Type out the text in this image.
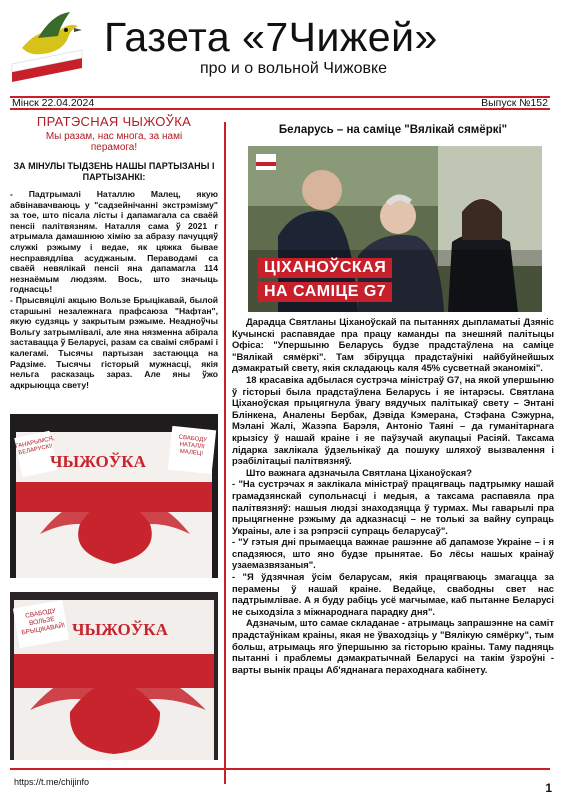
Газета «7Чижей»
про и о вольной Чижовке
Мінск 22.04.2024	Выпуск №152
ПРАТЭСНАЯ ЧЫЖОЎКА
Мы разам, нас многа, за намі перамога!
ЗА МІНУЛЫ ТЫДЗЕНЬ НАШЫ ПАРТЫЗАНЫ І ПАРТЫЗАНКІ:

- Падтрымалі Наталлю Малец, якую абвінавачваюць у "садзейнічанні экстрэмізму" за тое, што пісала лісты і дапамагала са сваёй пенсіі палітвязням. Наталля сама ў 2021 г атрымала дамашнюю хімію за абразу пачуццяў служкі рэжыму і ведае, як цяжка бывае несправядліва асуджаным. Пераводамі са сваёй невялікай пенсіі яна дапамагла 114 незнаёмым людзям. Вось, што значыць годнасць!

- Прысвяцілі акцыю Вользе Брыцікавай, былой старшыні незалежнага прафсаюза "Нафтан", якую судзяць у закрытым рэжыме. Неадноўчы Вольгу затрымлівалі, але яна нязменна абірала заставацца ў Беларусі, разам са сваімі сябрамі і калегамі. Тысячы партызан застаюцца на Радзіме. Тысячы гісторый мужнасці, якія нельга расказаць зараз. Але яны ўжо адкрыюцца свету!

ЧЫЖОЎКА
ГАНАРЫМСЯ, БЕЛАРУСКІ!
СВАБОДУ НАТАЛЛІ МАЛЕЦ!
ЧЫЖОЎКА
СВАБОДУ ВОЛЬЗЕ БРЫЦІКАВАЙ!
Беларусь – на саміце "Вялікай сямёркі"
ЦІХАНОЎСКАЯ
НА САМІЦЕ G7

Дарадца Святланы Ціханоўскай па пытаннях дыпламатыі Дзяніс Кучынскі распавядае пра працу каманды па знешняй палітыцы Офіса: "Упершыню Беларусь будзе прадстаўлена на саміце "Вялікай сямёркі". Там збіруцца прадстаўнікі найбуйнейшых дэмакратый свету, якія складаюць каля 45% сусветнай эканомікі".

18 красавіка адбылася сустрэча міністраў G7, на якой упершыню ў гісторыі была прадстаўлена Беларусь і яе інтарэсы. Святлана Ціханоўская прыцягнула ўвагу вядучых палітыкаў свету – Энтані Блінкена, Аналены Бербак, Дэвіда Кэмерана, Стэфана Сэжурна, Мэлані Жалі, Жазэпа Барэля, Антоніо Таяні – да гуманітарнага крызісу ў нашай краіне і яе паўзучай акупацыі Расіяй. Таксама лідарка заклікала ўдзельнікаў да пошуку шляхоў вызвалення і рэабілітацыі палітвязняў.

Што важнага адзначыла Святлана Ціханоўская?

- "На сустрэчах я заклікала міністраў працягваць падтрымку нашай грамадзянскай супольнасці і медыя, а таксама распавяла пра палітвязняў: нашыя людзі знаходзяцца ў турмах. Мы гаварылі пра прыцягненне рэжыму да адказнасці – не толькі за вайну супраць Украіны, але і за рэпрэсіі супраць беларусаў".

- "У гэтыя дні прымаецца важнае рашэнне аб дапамозе Украіне – і я спадзяюся, што яно будзе прынятае. Бо лёсы нашых краінаў узаемазвязаныя".

- "Я ўдзячная ўсім беларусам, якія працягваюць змагацца за перамены ў нашай краіне. Ведайце, свабодны свет нас падтрымлівае. А я буду рабіць усё магчымае, каб пытанне Беларусі не сыходзіла з міжнароднага парадку дня".

Адзначым, што самае складанае - атрымаць запрашэнне на саміт прадстаўнікам краіны, якая не ўваходзіць у "Вялікую сямёрку", тым больш, атрымаць яго ўпершыню за гісторыю краіны. Таму падняць пытанні і праблемы дэмакратычнай Беларусі на такім ўзроўні - варты вынік працы Аб'яднанага пераходнага кабінету.

https://t.me/chijinfo	1
